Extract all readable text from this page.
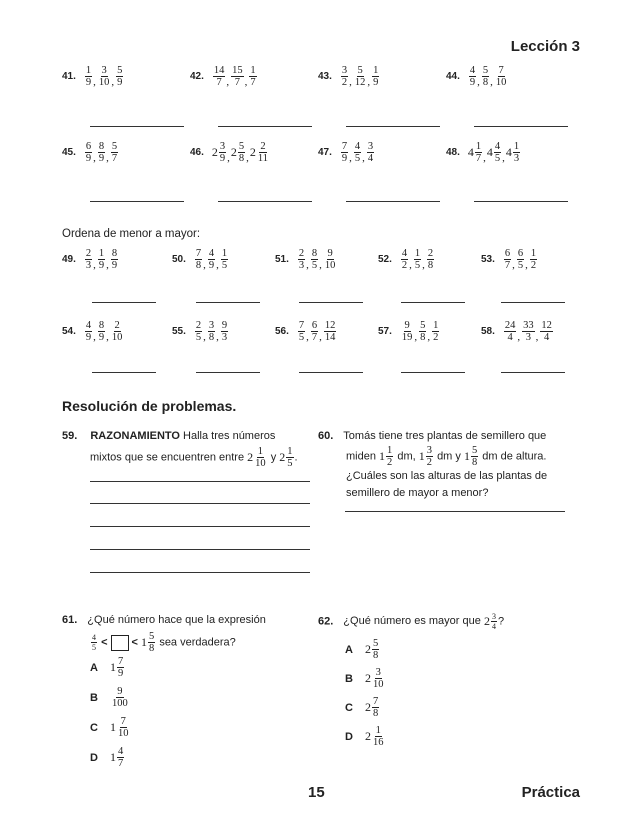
Lección 3
41. $\frac{1}{9} _, \frac{3}{10} _, \frac{5}{9}$	42. $\frac{14}{7} _, \frac{15}{7} _, \frac{1}{7}$	43. $\frac{3}{2} _, \frac{5}{12} _, \frac{1}{9}$	44. $\frac{4}{9} _, \frac{5}{8} _, \frac{7}{10}$
45. $\frac{6}{9} _, \frac{8}{9} _, \frac{5}{7}$	46. $2 \frac{3}{9} _,2 \frac{5}{8} _,2 \frac{2}{11}$	47. $\frac{7}{9} _, \frac{4}{5} _, \frac{3}{4}$	48. $4 \frac{1}{7} _,4 \frac{4}{5} _,4 \frac{1}{3}$
Ordena de menor a mayor:
49. $\frac{2}{3} _, \frac{1}{9} _, \frac{8}{9}$	50. $\frac{7}{8} _, \frac{4}{9} _, \frac{1}{5}$	51. $\frac{2}{3} _, \frac{8}{5} _, \frac{9}{10}$	52. $\frac{4}{2} _, \frac{1}{5} _, \frac{2}{8}$	53. $\frac{6}{7} _, \frac{6}{5} _, \frac{1}{2}$
54. $\frac{4}{9} _, \frac{8}{9} _, \frac{2}{10}$	55. $\frac{2}{5} _, \frac{3}{8} _, \frac{9}{3}$	56. $\frac{7}{5} _, \frac{6}{7} _, \frac{12}{14}$	57. $\frac{9}{19} _, \frac{5}{8} _, \frac{1}{2}$	58. $\frac{24}{4} _, \frac{33}{3} _, \frac{12}{4}$
Resolución de problemas.
59. RAZONAMIENTO Halla tres números
mixtos que se encuentren entre $2 \frac{1}{10}$ y $2 \frac{1}{5}$ .
60. Tomás tiene tres plantas de semillero que
miden $1 \frac{1}{2}$ dm, $1 \frac{3}{2}$ dm y $1 \frac{5}{8}$ dm de altura.
¿Cuáles son las alturas de las plantas de
semillero de mayor a menor?
61. ¿Qué número hace que la expresión
$\frac{4}{5}$ < < $1 \frac{5}{8}$ sea verdadera?
A $1 \frac{7}{9}$
B $\frac{9}{100}$
C $1 \frac{7}{10}$
D $1 \frac{4}{7}$
62. ¿Qué número es mayor que $2 \frac{3}{4}$ ?
A $2 \frac{5}{8}$
B $2 \frac{3}{10}$
C $2 \frac{7}{8}$
D $2 \frac{1}{16}$
15	Práctica
